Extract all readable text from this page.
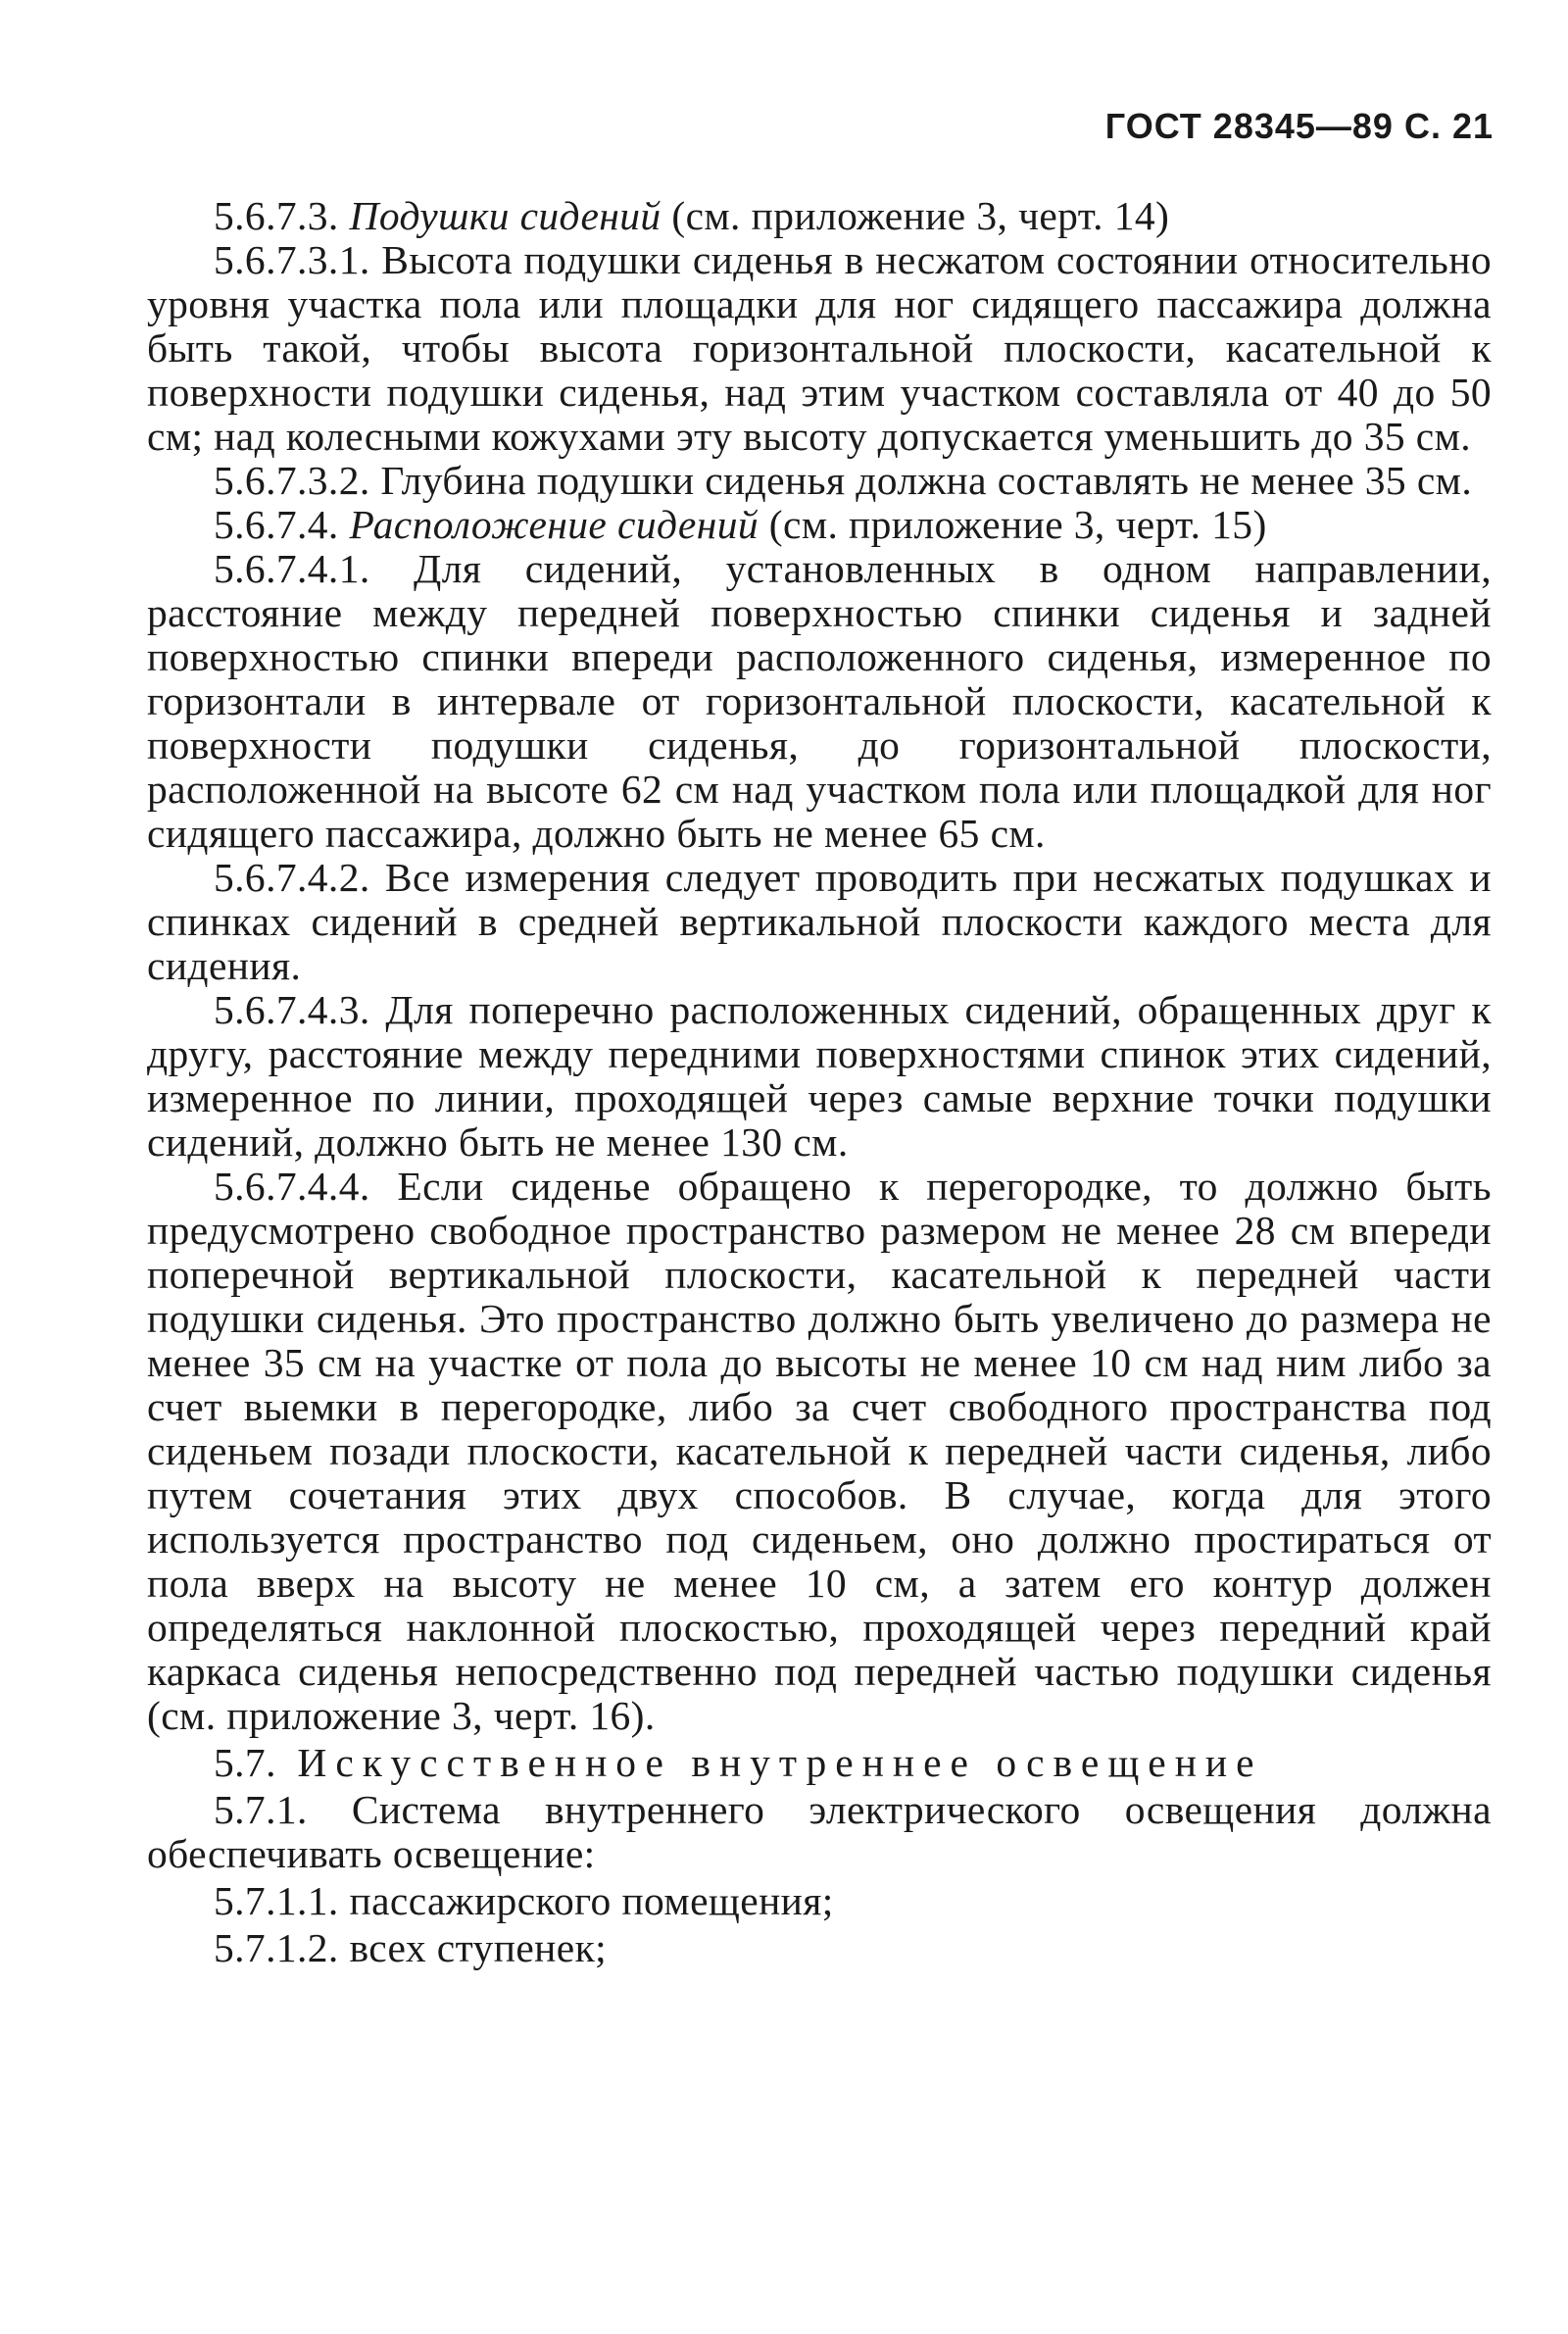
ГОСТ 28345—89 С. 21

5.6.7.3. Подушки сидений (см. приложение 3, черт. 14)

5.6.7.3.1. Высота подушки сиденья в несжатом состоянии относительно уровня участка пола или площадки для ног сидящего пассажира должна быть такой, чтобы высота горизонтальной плоскости, касательной к поверхности подушки сиденья, над этим участком составляла от 40 до 50 см; над колесными кожухами эту высоту допускается уменьшить до 35 см.

5.6.7.3.2. Глубина подушки сиденья должна составлять не менее 35 см.

5.6.7.4. Расположение сидений (см. приложение 3, черт. 15)

5.6.7.4.1. Для сидений, установленных в одном направлении, расстояние между передней поверхностью спинки сиденья и задней поверхностью спинки впереди расположенного сиденья, измеренное по горизонтали в интервале от горизонтальной плоскости, касательной к поверхности подушки сиденья, до горизонтальной плоскости, расположенной на высоте 62 см над участком пола или площадкой для ног сидящего пассажира, должно быть не менее 65 см.

5.6.7.4.2. Все измерения следует проводить при несжатых подушках и спинках сидений в средней вертикальной плоскости каждого места для сидения.

5.6.7.4.3. Для поперечно расположенных сидений, обращенных друг к другу, расстояние между передними поверхностями спинок этих сидений, измеренное по линии, проходящей через самые верхние точки подушки сидений, должно быть не менее 130 см.

5.6.7.4.4. Если сиденье обращено к перегородке, то должно быть предусмотрено свободное пространство размером не менее 28 см впереди поперечной вертикальной плоскости, касательной к передней части подушки сиденья. Это пространство должно быть увеличено до размера не менее 35 см на участке от пола до высоты не менее 10 см над ним либо за счет выемки в перегородке, либо за счет свободного пространства под сиденьем позади плоскости, касательной к передней части сиденья, либо путем сочетания этих двух способов. В случае, когда для этого используется пространство под сиденьем, оно должно простираться от пола вверх на высоту не менее 10 см, а затем его контур должен определяться наклонной плоскостью, проходящей через передний край каркаса сиденья непосредственно под передней частью подушки сиденья (см. приложение 3, черт. 16).

5.7. Искусственное внутреннее освещение

5.7.1. Система внутреннего электрического освещения должна обеспечивать освещение:

5.7.1.1. пассажирского помещения;

5.7.1.2. всех ступенек;
